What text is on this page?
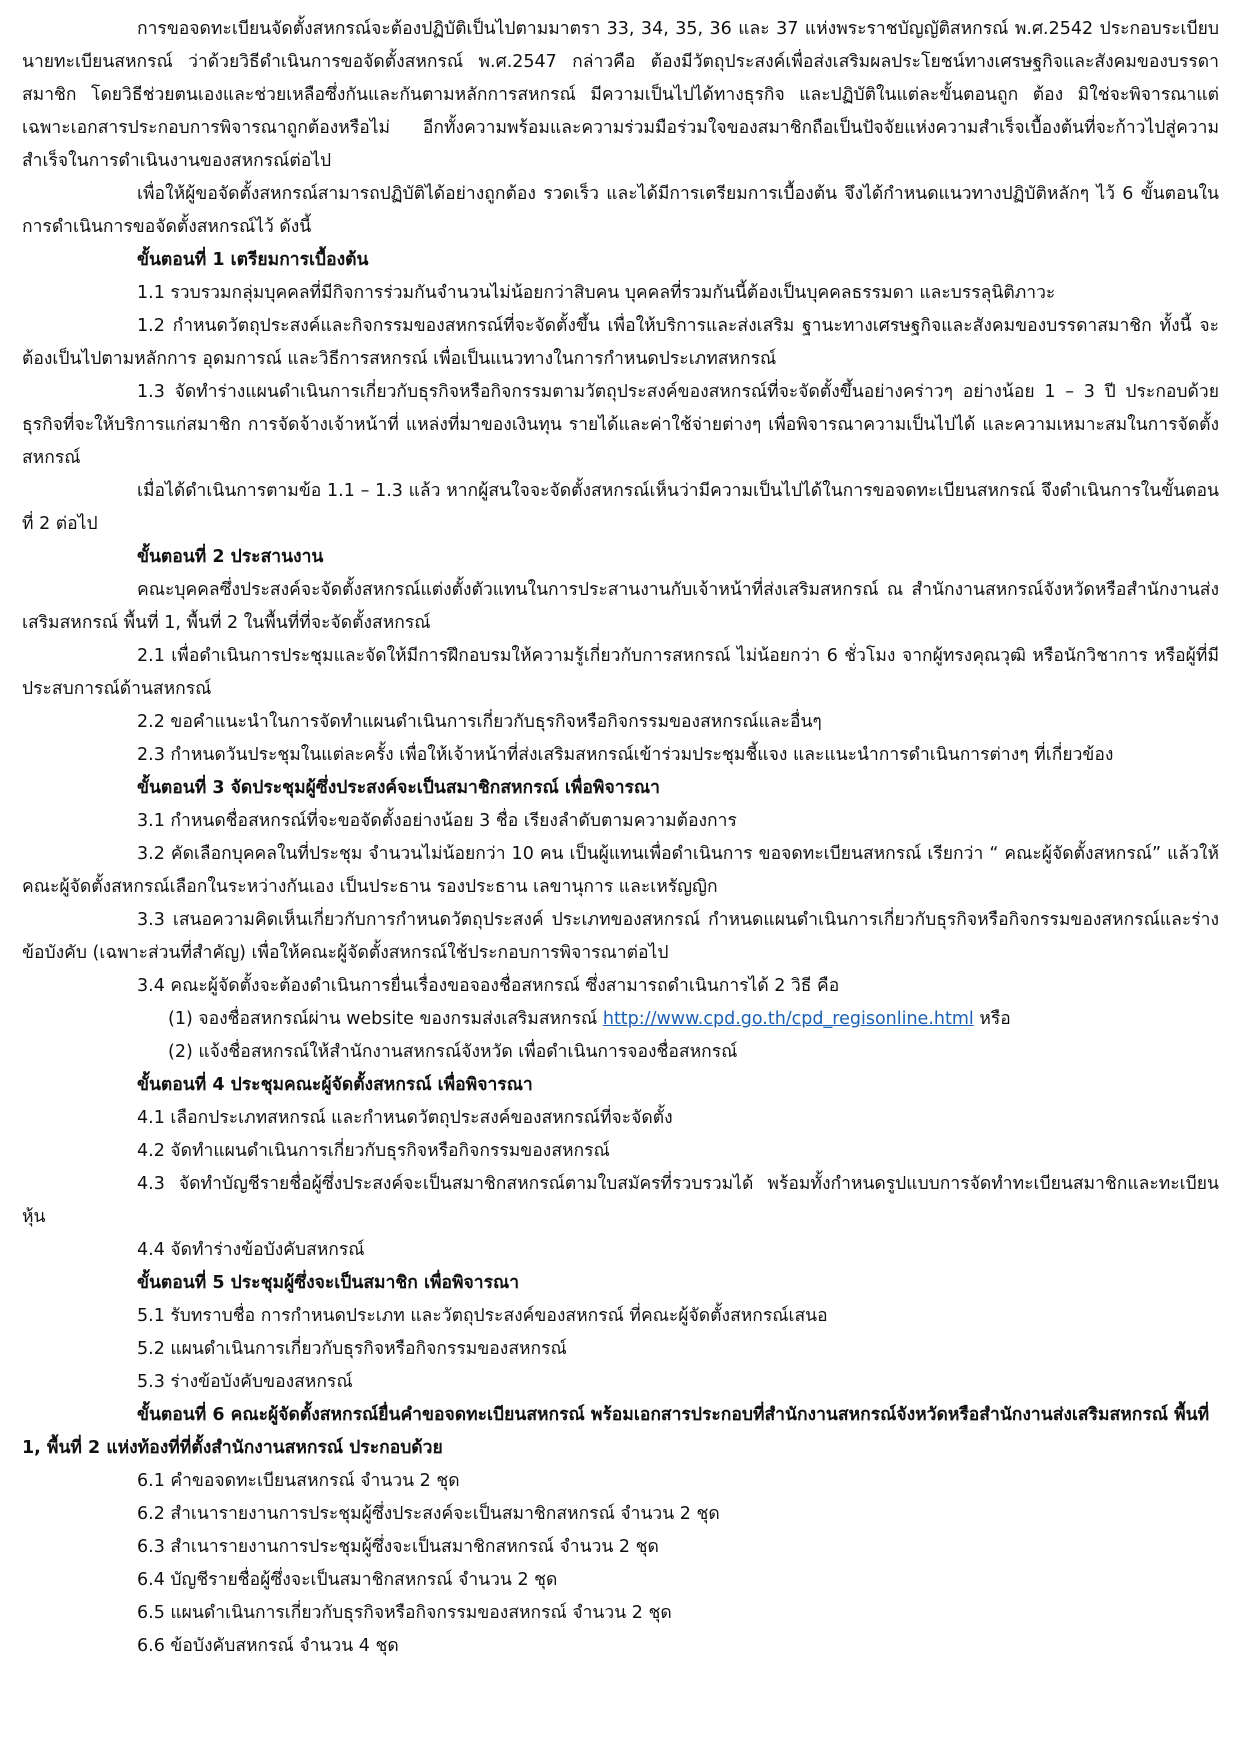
การขอจดทะเบียนจัดตั้งสหกรณ์จะต้องปฏิบัติเป็นไปตามมาตรา 33, 34, 35, 36 และ 37 แห่งพระราชบัญญัติสหกรณ์ พ.ศ.2542 ประกอบระเบียบนายทะเบียนสหกรณ์ ว่าด้วยวิธีดำเนินการขอจัดตั้งสหกรณ์ พ.ศ.2547 กล่าวคือ ต้องมีวัตถุประสงค์เพื่อส่งเสริมผลประโยชน์ทางเศรษฐกิจและสังคมของบรรดาสมาชิก โดยวิธีช่วยตนเองและช่วยเหลือซึ่งกันและกันตามหลักการสหกรณ์ มีความเป็นไปได้ทางธุรกิจ และปฏิบัติในแต่ละขั้นตอนถูก ต้อง มิใช่จะพิจารณาแต่เฉพาะเอกสารประกอบการพิจารณาถูกต้องหรือไม่ อีกทั้งความพร้อมและความร่วมมือร่วมใจของสมาชิกถือเป็นปัจจัยแห่งความสำเร็จเบื้องต้นที่จะก้าวไปสู่ความสำเร็จในการดำเนินงานของสหกรณ์ต่อไป

เพื่อให้ผู้ขอจัดตั้งสหกรณ์สามารถปฏิบัติได้อย่างถูกต้อง รวดเร็ว และได้มีการเตรียมการเบื้องต้น จึงได้กำหนดแนวทางปฏิบัติหลักๆ ไว้ 6 ขั้นตอนในการดำเนินการขอจัดตั้งสหกรณ์ไว้ ดังนี้

ขั้นตอนที่ 1 เตรียมการเบื้องต้น

1.1 รวบรวมกลุ่มบุคคลที่มีกิจการร่วมกันจำนวนไม่น้อยกว่าสิบคน บุคคลที่รวมกันนี้ต้องเป็นบุคคลธรรมดา และบรรลุนิติภาวะ

1.2 กำหนดวัตถุประสงค์และกิจกรรมของสหกรณ์ที่จะจัดตั้งขึ้น เพื่อให้บริการและส่งเสริม ฐานะทางเศรษฐกิจและสังคมของบรรดาสมาชิก ทั้งนี้ จะต้องเป็นไปตามหลักการ อุดมการณ์ และวิธีการสหกรณ์ เพื่อเป็นแนวทางในการกำหนดประเภทสหกรณ์

1.3 จัดทำร่างแผนดำเนินการเกี่ยวกับธุรกิจหรือกิจกรรมตามวัตถุประสงค์ของสหกรณ์ที่จะจัดตั้งขึ้นอย่างคร่าวๆ อย่างน้อย 1 – 3 ปี ประกอบด้วยธุรกิจที่จะให้บริการแก่สมาชิก การจัดจ้างเจ้าหน้าที่ แหล่งที่มาของเงินทุน รายได้และค่าใช้จ่ายต่างๆ เพื่อพิจารณาความเป็นไปได้ และความเหมาะสมในการจัดตั้งสหกรณ์

เมื่อได้ดำเนินการตามข้อ 1.1 – 1.3 แล้ว หากผู้สนใจจะจัดตั้งสหกรณ์เห็นว่ามีความเป็นไปได้ในการขอจดทะเบียนสหกรณ์ จึงดำเนินการในขั้นตอนที่ 2 ต่อไป

ขั้นตอนที่ 2 ประสานงาน

คณะบุคคลซึ่งประสงค์จะจัดตั้งสหกรณ์แต่งตั้งตัวแทนในการประสานงานกับเจ้าหน้าที่ส่งเสริมสหกรณ์ ณ สำนักงานสหกรณ์จังหวัดหรือสำนักงานส่งเสริมสหกรณ์ พื้นที่ 1, พื้นที่ 2 ในพื้นที่ที่จะจัดตั้งสหกรณ์

2.1 เพื่อดำเนินการประชุมและจัดให้มีการฝึกอบรมให้ความรู้เกี่ยวกับการสหกรณ์ ไม่น้อยกว่า 6 ชั่วโมง จากผู้ทรงคุณวุฒิ หรือนักวิชาการ หรือผู้ที่มีประสบการณ์ด้านสหกรณ์

2.2 ขอคำแนะนำในการจัดทำแผนดำเนินการเกี่ยวกับธุรกิจหรือกิจกรรมของสหกรณ์และอื่นๆ

2.3 กำหนดวันประชุมในแต่ละครั้ง เพื่อให้เจ้าหน้าที่ส่งเสริมสหกรณ์เข้าร่วมประชุมชี้แจง และแนะนำการดำเนินการต่างๆ ที่เกี่ยวข้อง

ขั้นตอนที่ 3 จัดประชุมผู้ซึ่งประสงค์จะเป็นสมาชิกสหกรณ์ เพื่อพิจารณา

3.1 กำหนดชื่อสหกรณ์ที่จะขอจัดตั้งอย่างน้อย 3 ชื่อ เรียงลำดับตามความต้องการ

3.2 คัดเลือกบุคคลในที่ประชุม จำนวนไม่น้อยกว่า 10 คน เป็นผู้แทนเพื่อดำเนินการ ขอจดทะเบียนสหกรณ์ เรียกว่า “ คณะผู้จัดตั้งสหกรณ์” แล้วให้คณะผู้จัดตั้งสหกรณ์เลือกในระหว่างกันเอง เป็นประธาน รองประธาน เลขานุการ และเหรัญญิก

3.3 เสนอความคิดเห็นเกี่ยวกับการกำหนดวัตถุประสงค์ ประเภทของสหกรณ์ กำหนดแผนดำเนินการเกี่ยวกับธุรกิจหรือกิจกรรมของสหกรณ์และร่างข้อบังคับ (เฉพาะส่วนที่สำคัญ) เพื่อให้คณะผู้จัดตั้งสหกรณ์ใช้ประกอบการพิจารณาต่อไป

3.4 คณะผู้จัดตั้งจะต้องดำเนินการยื่นเรื่องขอจองชื่อสหกรณ์ ซึ่งสามารถดำเนินการได้ 2 วิธี คือ

(1) จองชื่อสหกรณ์ผ่าน website ของกรมส่งเสริมสหกรณ์ http://www.cpd.go.th/cpd_regisonline.html หรือ

(2) แจ้งชื่อสหกรณ์ให้สำนักงานสหกรณ์จังหวัด เพื่อดำเนินการจองชื่อสหกรณ์

ขั้นตอนที่ 4 ประชุมคณะผู้จัดตั้งสหกรณ์ เพื่อพิจารณา

4.1 เลือกประเภทสหกรณ์ และกำหนดวัตถุประสงค์ของสหกรณ์ที่จะจัดตั้ง

4.2 จัดทำแผนดำเนินการเกี่ยวกับธุรกิจหรือกิจกรรมของสหกรณ์

4.3 จัดทำบัญชีรายชื่อผู้ซึ่งประสงค์จะเป็นสมาชิกสหกรณ์ตามใบสมัครที่รวบรวมได้ พร้อมทั้งกำหนดรูปแบบการจัดทำทะเบียนสมาชิกและทะเบียนหุ้น

4.4 จัดทำร่างข้อบังคับสหกรณ์

ขั้นตอนที่ 5 ประชุมผู้ซึ่งจะเป็นสมาชิก เพื่อพิจารณา

5.1 รับทราบชื่อ การกำหนดประเภท และวัตถุประสงค์ของสหกรณ์ ที่คณะผู้จัดตั้งสหกรณ์เสนอ

5.2 แผนดำเนินการเกี่ยวกับธุรกิจหรือกิจกรรมของสหกรณ์

5.3 ร่างข้อบังคับของสหกรณ์

ขั้นตอนที่ 6 คณะผู้จัดตั้งสหกรณ์ยื่นคำขอจดทะเบียนสหกรณ์ พร้อมเอกสารประกอบที่สำนักงานสหกรณ์จังหวัดหรือสำนักงานส่งเสริมสหกรณ์ พื้นที่ 1, พื้นที่ 2 แห่งท้องที่ที่ตั้งสำนักงานสหกรณ์ ประกอบด้วย

6.1 คำขอจดทะเบียนสหกรณ์ จำนวน 2 ชุด

6.2 สำเนารายงานการประชุมผู้ซึ่งประสงค์จะเป็นสมาชิกสหกรณ์ จำนวน 2 ชุด

6.3 สำเนารายงานการประชุมผู้ซึ่งจะเป็นสมาชิกสหกรณ์ จำนวน 2 ชุด

6.4 บัญชีรายชื่อผู้ซึ่งจะเป็นสมาชิกสหกรณ์ จำนวน 2 ชุด

6.5 แผนดำเนินการเกี่ยวกับธุรกิจหรือกิจกรรมของสหกรณ์ จำนวน 2 ชุด

6.6 ข้อบังคับสหกรณ์ จำนวน 4 ชุด
